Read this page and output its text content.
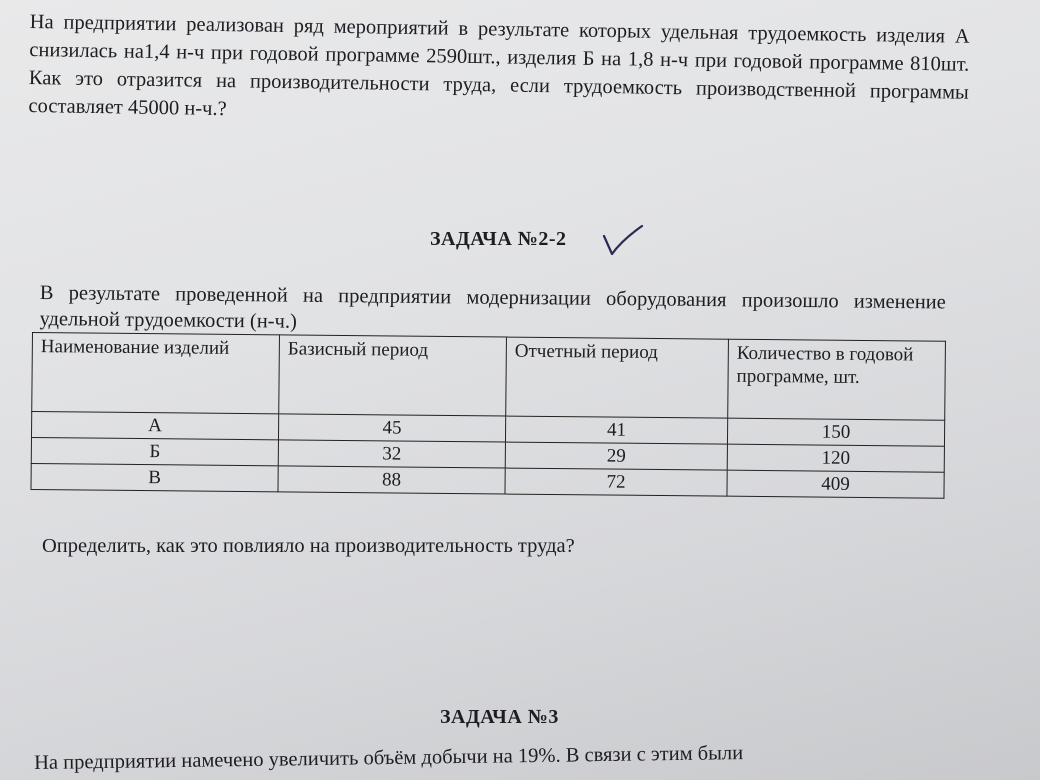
На предприятии реализован ряд мероприятий в результате которых удельная трудоемкость изделия А снизилась на1,4 н-ч при годовой программе 2590шт., изделия Б на 1,8 н-ч при годовой программе 810шт. Как это отразится на производительности труда, если трудоемкость производственной программы составляет 45000 н-ч.?

ЗАДАЧА №2-2

В результате проведенной на предприятии модернизации оборудования произошло изменение удельной трудоемкости (н-ч.)

Наименование изделий	Базисный период	Отчетный период	Количество в годовой программе, шт.
А	45	41	150
Б	32	29	120
В	88	72	409

Определить, как это повлияло на производительность труда?

ЗАДАЧА №3

На предприятии намечено увеличить объём добычи на 19%. В связи с этим были
